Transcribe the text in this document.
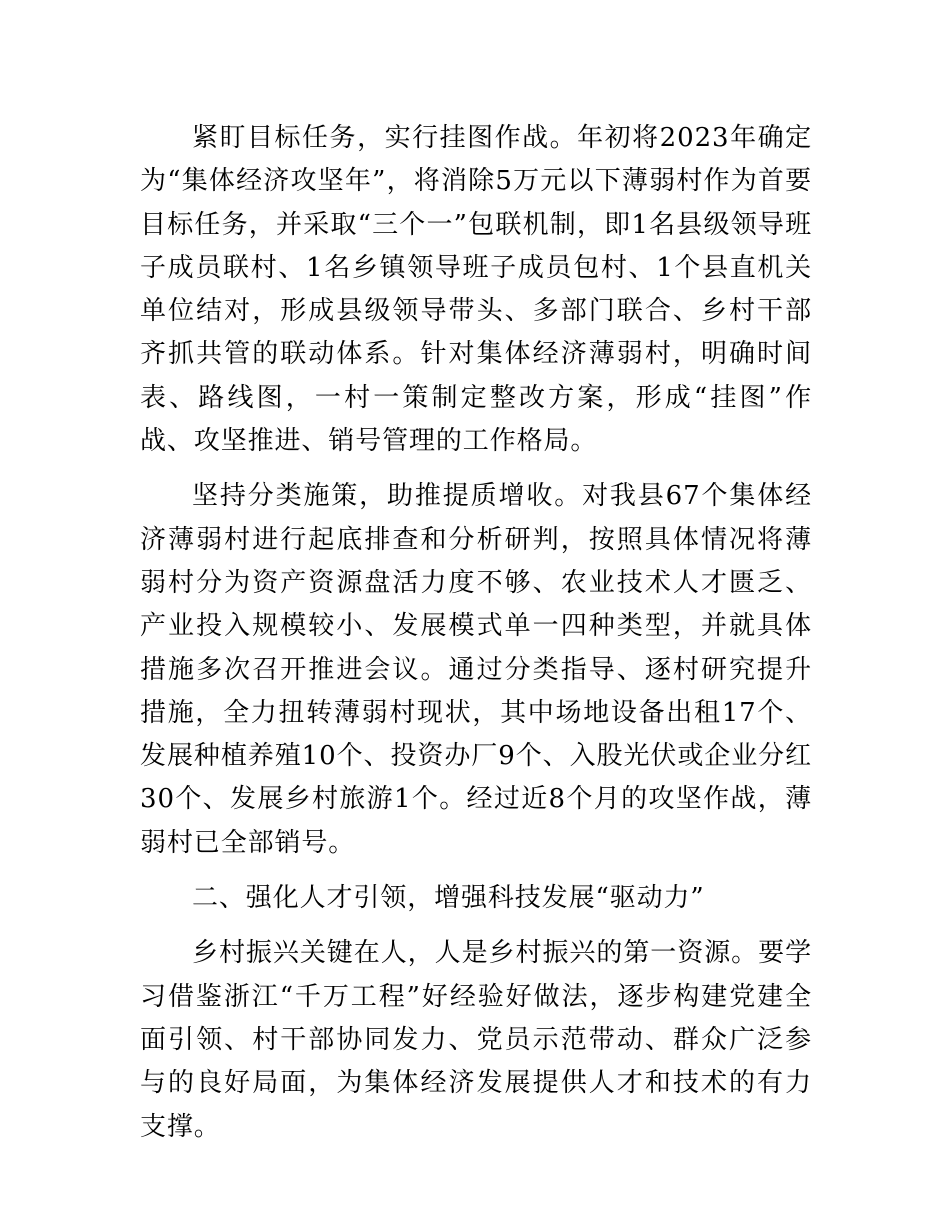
紧盯目标任务，实行挂图作战。年初将2023年确定为“集体经济攻坚年”，将消除5万元以下薄弱村作为首要目标任务，并采取“三个一”包联机制，即1名县级领导班子成员联村、1名乡镇领导班子成员包村、1个县直机关单位结对，形成县级领导带头、多部门联合、乡村干部齐抓共管的联动体系。针对集体经济薄弱村，明确时间表、路线图，一村一策制定整改方案，形成“挂图”作战、攻坚推进、销号管理的工作格局。

坚持分类施策，助推提质增收。对我县67个集体经济薄弱村进行起底排查和分析研判，按照具体情况将薄弱村分为资产资源盘活力度不够、农业技术人才匮乏、产业投入规模较小、发展模式单一四种类型，并就具体措施多次召开推进会议。通过分类指导、逐村研究提升措施，全力扭转薄弱村现状，其中场地设备出租17个、发展种植养殖10个、投资办厂9个、入股光伏或企业分红30个、发展乡村旅游1个。经过近8个月的攻坚作战，薄弱村已全部销号。

二、强化人才引领，增强科技发展“驱动力”

乡村振兴关键在人，人是乡村振兴的第一资源。要学习借鉴浙江“千万工程”好经验好做法，逐步构建党建全面引领、村干部协同发力、党员示范带动、群众广泛参与的良好局面，为集体经济发展提供人才和技术的有力支撑。
